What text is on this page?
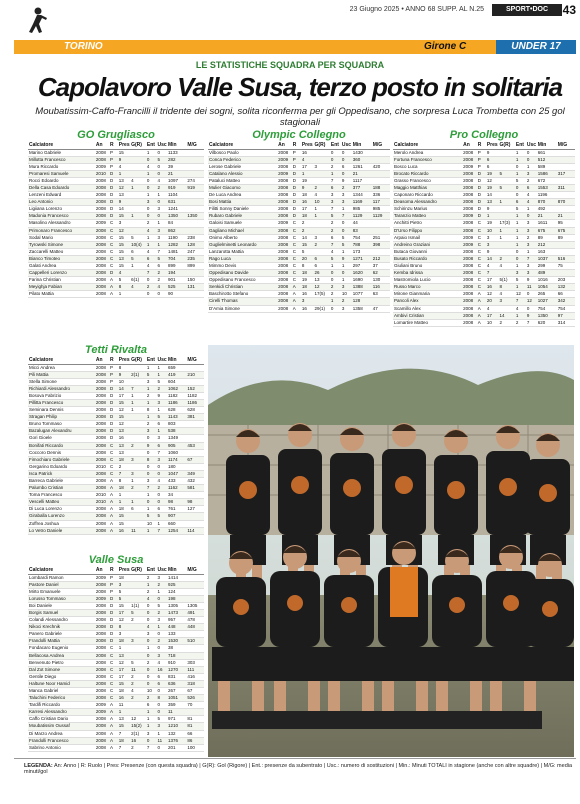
23 Giugno 2025 • ANNO 68 SUPP. AL N.25	SPORT•DOC	43
TORINO	Girone C	UNDER 17
LE STATISTICHE SQUADRA PER SQUADRA
Capolavoro Valle Susa, terzo posto in solitaria
Moubatissim-Caffo-Francilli il tridente dei sogni, solita riconferma per gli Oppedisano, che sorpresa Luca Trombetta con 25 gol stagionali
GO Grugliasco
Calciatore	An	R	Pres	G(R)	Ent	Usc	Min	M/G
Marino Gabriele	2008	P	15		1	0	1133	
Millotta Francesco	2008	P	9		0	5	282	
Mura Riccardo	2009	P	4		4	0	39	
Promaresi Samuele	2010	D	1		1	0	21	
Rocci Edoardo	2008	D	13	4	0	4	1097	274
Della Casa Edoardo	2008	D	12	1	0	2	919	919
Lenzeni Edward	2008	D	13		1	1	1104	
Leo Antonio	2008	D	9		3	0	631	
Ligiiana Lorenzo	2008	D	14		0	3	1241	
Madonia Francesco	2008	D	15	1	0	0	1350	1350
Masolino Alessandro	2009	C	3		2	1	84	
Primonaro Francesco	2008	C	12		4	3	862	
Sodal Mario	2008	C	15	5	1	3	1190	238
Tyrowski Simone	2008	C	15	10(4)	1	1	1282	128
Zaccarelli Matteo	2008	C	15	6	4	7	1481	247
Bianco Timoteo	2008	C	13	5	6	5	704	235
Galati Andrea	2008	C	15	1	4	6	899	899
Cappelleri Lorenzo	2008	D	4		7	2	194	
Farina Christian	2008	A	5	6(1)	0	2	901	150
Meyighja Fabian	2008	A	8	4	2	4	525	131
Pilato Mattia	2008	A	1		0	0	90	
Olympic Collegno
Calciatore	An	R	Pres	G(R)	Ent	Usc	Min	M/G
Vilbosco Paolo	2008	P	16		0	0	1430	
Conca Federico	2009	P	4		0	0	360	
Lerose Gabriele	2008	D	17	3	2	6	1261	420
Catalano Alessio	2009	D	1		1	0	21	
Pataluci Matteo	2008	D	19		7	9	1117	
Mulier Giacomo	2008	D	9	2	6	2	377	188
De Luca Andrea	2008	D	18	4	3	3	1344	336
Bosi Mattia	2008	D	16	10	3	3	1169	117
Filitti Sonny Daniele	2008	D	17	1	7	1	985	985
Rubaro Gabriele	2008	D	18	1	5	7	1129	1129
Galoisi Samuele	2009	C	2		2	0	44	
Gagliano Michael	2008	C	2		2	0	83	
Onimo Alberto	2008	C	14	3	6	5	754	251
Guglielminetti Leonardo	2008	C	15	2	7	5	788	398
Lanzarotta Mattia	2008	C	5		4	1	173	
Rago Luca	2008	C	20	6	5	9	1271	212
Mimmo Devis	2008	C	8	6	1	1	297	37
Oppedisano Davide	2008	C	18	26	0	0	1620	62
Oppedisano Francesco	2008	C	19	13	0	1	1690	130
Senkidi Christian	2008	A	18	12	2	3	1388	116
Baschirotto Stefano	2008	A	16	17(5)	2	10	1077	63
Cirelli Thomas	2008	A	3		1	2	128	
D'Amia Simone	2008	A	16	29(1)	0	3	1358	47
Pro Collegno
Calciatore	An	R	Pres	G(R)	Ent	Usc	Min	M/G
Merolo Andrea	2008	P	9		1	0	661	
Fortuna Francesco	2008	P	6		1	0	512	
Bosco Luca	2009	P	6		0	1	589	
Brocato Riccardo	2008	D	19	5	1	3	1586	317
Grasso Francesco	2008	D	12		5	2	672	
Maggio Matthias	2008	D	19	5	0	6	1553	311
Caponaro Riccardo	2008	D	14		0	4	1196	
Deasoma Alessandro	2008	D	13	1	6	4	870	870
Schirinzu Marius	2008	D	9		5	1	492	
Taranzio Matteo	2009	D	1		1	0	21	21
Anchitti Pietro	2008	C	19	17(3)	1	3	1611	95
D'Urso Filippo	2008	C	10	1	1	3	675	675
Arpaio Ismail	2009	C	3	1	1	2	89	89
Andreino Graziani	2009	C	3		1	3	212	
Butaca Giovanni	2008	C	9		0	1	163	
Busato Riccardo	2008	C	14	2	0	7	1037	516
Giuliani Bruno	2008	C	4	4	1	3	299	75
Kemba Idrissa	2008	C	7		3	3	489	
Mastromiola Lucio	2008	C	17	5(1)	5	9	1016	203
Russo Marco	2008	C	16	8	1	11	1054	132
Mirone Gianmaria	2008	A	12	4	12	0	265	66
Pancoli Alex	2008	A	20	3	7	12	1027	342
Scamillo Alex	2008	A	4		4	0	754	754
Ambivi Cristian	2008	A	17	14	1	9	1350	97
Lomartire Matteo	2008	A	10	2	2	7	620	314
Tetti Rivalta
Calciatore	An	R	Pres	G(R)	Ent	Usc	Min	M/G
Micci Andrea	2008	P	8		1	1	659	
Pili Mattia	2008	P	9	2(1)	5	1	419	210
Stella Simone	2008	P	10		3	5	604	
Richiardi Alessandro	2008	D	14	7	1	2	1062	152
Bosova Fabrizio	2008	D	17	1	2	9	1182	1182
Pillitta Francesco	2008	D	15	1	1	3	1186	1186
Seminara Dennis	2008	D	12	1	8	1	628	628
Stragan Philip	2008	D	15		1	5	1143	381
Bruno Tommaso	2008	D	12		2	6	803	
Bazalugan Alexandru	2008	D	13		3	1	538	
Gori Gioele	2008	D	16		0	3	1349	
Bonifati Riccardo	2008	C	13	2	9	6	905	453
Coccoro Dennis	2008	C	13		0	7	1060	
Fimochiaro Gabriele	2008	C	18	3	8	3	1174	67
Gergarino Edoardo	2010	C	2		0	0	180	
Isca Patrick	2008	C	7	3	0	0	1047	349
Barreca Gabriele	2008	A	8	1	3	4	433	432
Palumbo Cristian	2008	A	18	2	7	2	1162	581
Toma Francesco	2010	A	1		1	0	34	
Vescelli Matteo	2010	A	1	1	0	0	98	98
Di Luca Lorenzo	2008	A	18	6	1	6	761	127
Giraballa Lorenzo	2008	A	15		5	5	907	
Zoffrea Joshua	2008	A	15		10	1	660	
Lo Vetro Daniele	2008	A	16	11	1	7	1254	114
Valle Susa
Calciatore	An	R	Pres	G(R)	Ent	Usc	Min	M/G
Lombardi Ramon	2009	P	18		2	3	1414	
Pastore Daniel	2008	P	3		1	2	925	
Mirto Emanuele	2008	P	5		2	1	124	
Lorusso Tommaso	2009	D	5		4	0	198	
Boi Daniele	2008	D	15	1(1)	0	5	1305	1305
Borgis Samuel	2008	D	17	5	0	2	1473	491
Colandi Alessandro	2008	D	12	2	0	3	957	478
Nikoci Krechnik	2008	D	8		4	1	448	448
Panero Gabriele	2008	D	3		3	0	133	
Frandolli Mattia	2008	D	18	3	0	2	1530	510
Fondacaro Eugenio	2008	C	1		1	0	38	
Bellacosa Andrea	2008	C	13		0	3	718	
Benvenuto Pietro	2008	C	12	5	2	4	910	303
Dal Zot Simone	2008	C	17	11	0	16	1270	111
Gentile Diego	2008	C	17	2	0	6	831	416
Haltune Noor Hamid	2008	C	15	2	0	6	636	318
Manca Gabriel	2008	C	18	4	10	0	267	67
Taluchini Federico	2008	C	16	2	2	8	1051	526
Tardifi Riccardo	2009	A	11		6	0	359	70
Karresi Alessandro	2009	A	1		1	0	11	
Caffo Cristian Dario	2008	A	13	12	1	5	971	81
Moubatissim Oussaf	2008	A	15	15(2)	1	3	1210	81
Di Marzo Andrea	2008	A	7	2(1)	3	1	132	66
Frandolli Francesco	2008	A	18	16	0	11	1376	86
Sabrino Antonio	2008	A	7	2	7	0	201	100
LEGENDA: An: Anno | R: Ruolo | Pres: Presenze (con questa squadra) | G(R): Gol (Rigore) | Ent.: presenze da subentrato | Usc.: numero di sostituzioni | Min.: Minuti TOTALI in stagione (anche con altre squadre) | M/G: media minuti/gol
